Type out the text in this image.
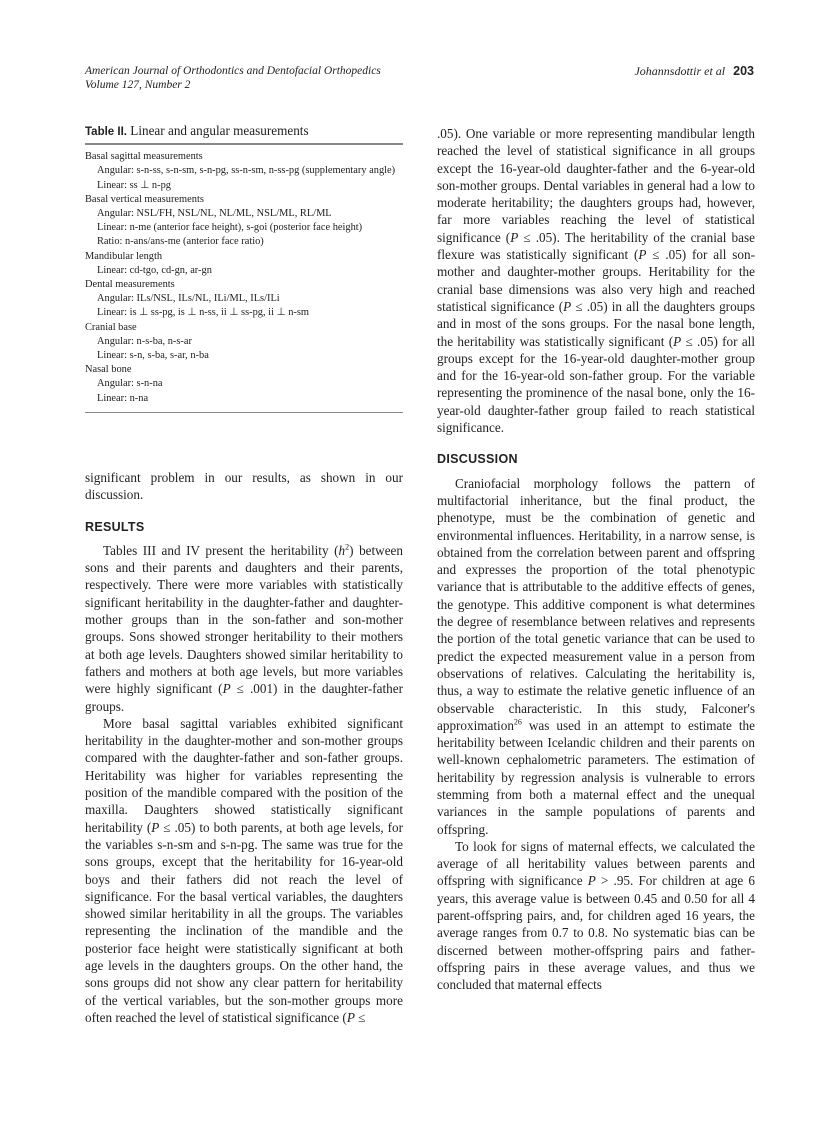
American Journal of Orthodontics and Dentofacial Orthopedics
Volume 127, Number 2
Johannsdottir et al 203
Table II. Linear and angular measurements
Basal sagittal measurements
Angular: s-n-ss, s-n-sm, s-n-pg, ss-n-sm, n-ss-pg (supplementary angle)
Linear: ss ⊥ n-pg
Basal vertical measurements
Angular: NSL/FH, NSL/NL, NL/ML, NSL/ML, RL/ML
Linear: n-me (anterior face height), s-goi (posterior face height)
Ratio: n-ans/ans-me (anterior face ratio)
Mandibular length
Linear: cd-tgo, cd-gn, ar-gn
Dental measurements
Angular: ILs/NSL, ILs/NL, ILi/ML, ILs/ILi
Linear: is ⊥ ss-pg, is ⊥ n-ss, ii ⊥ ss-pg, ii ⊥ n-sm
Cranial base
Angular: n-s-ba, n-s-ar
Linear: s-n, s-ba, s-ar, n-ba
Nasal bone
Angular: s-n-na
Linear: n-na

significant problem in our results, as shown in our discussion.

RESULTS

Tables III and IV present the heritability $(h^2)$ between sons and their parents and daughters and their parents, respectively. There were more variables with statistically significant heritability in the daughter-father and daughter-mother groups than in the son-father and son-mother groups. Sons showed stronger heritability to their mothers at both age levels. Daughters showed similar heritability to fathers and mothers at both age levels, but more variables were highly significant (P ≤ .001) in the daughter-father groups.

More basal sagittal variables exhibited significant heritability in the daughter-mother and son-mother groups compared with the daughter-father and son-father groups. Heritability was higher for variables representing the position of the mandible compared with the position of the maxilla. Daughters showed statistically significant heritability (P ≤ .05) to both parents, at both age levels, for the variables s-n-sm and s-n-pg. The same was true for the sons groups, except that the heritability for 16-year-old boys and their fathers did not reach the level of significance. For the basal vertical variables, the daughters showed similar heritability in all the groups. The variables representing the inclination of the mandible and the posterior face height were statistically significant at both age levels in the daughters groups. On the other hand, the sons groups did not show any clear pattern for heritability of the vertical variables, but the son-mother groups more often reached the level of statistical significance (P ≤

.05). One variable or more representing mandibular length reached the level of statistical significance in all groups except the 16-year-old daughter-father and the 6-year-old son-mother groups. Dental variables in general had a low to moderate heritability; the daughters groups had, however, far more variables reaching the level of statistical significance (P ≤ .05). The heritability of the cranial base flexure was statistically significant (P ≤ .05) for all son-mother and daughter-mother groups. Heritability for the cranial base dimensions was also very high and reached statistical significance (P ≤ .05) in all the daughters groups and in most of the sons groups. For the nasal bone length, the heritability was statistically significant (P ≤ .05) for all groups except for the 16-year-old daughter-mother group and for the 16-year-old son-father group. For the variable representing the prominence of the nasal bone, only the 16-year-old daughter-father group failed to reach statistical significance.

DISCUSSION

Craniofacial morphology follows the pattern of multifactorial inheritance, but the final product, the phenotype, must be the combination of genetic and environmental influences. Heritability, in a narrow sense, is obtained from the correlation between parent and offspring and expresses the proportion of the total phenotypic variance that is attributable to the additive effects of genes, the genotype. This additive component is what determines the degree of resemblance between relatives and represents the portion of the total genetic variance that can be used to predict the expected measurement value in a person from observations of relatives. Calculating the heritability is, thus, a way to estimate the relative genetic influence of an observable characteristic. In this study, Falconer's approximation$^{26}$ was used in an attempt to estimate the heritability between Icelandic children and their parents on well-known cephalometric parameters. The estimation of heritability by regression analysis is vulnerable to errors stemming from both a maternal effect and the unequal variances in the sample populations of parents and offspring.

To look for signs of maternal effects, we calculated the average of all heritability values between parents and offspring with significance P > .95. For children at age 6 years, this average value is between 0.45 and 0.50 for all 4 parent-offspring pairs, and, for children aged 16 years, the average ranges from 0.7 to 0.8. No systematic bias can be discerned between mother-offspring pairs and father-offspring pairs in these average values, and thus we concluded that maternal effects
